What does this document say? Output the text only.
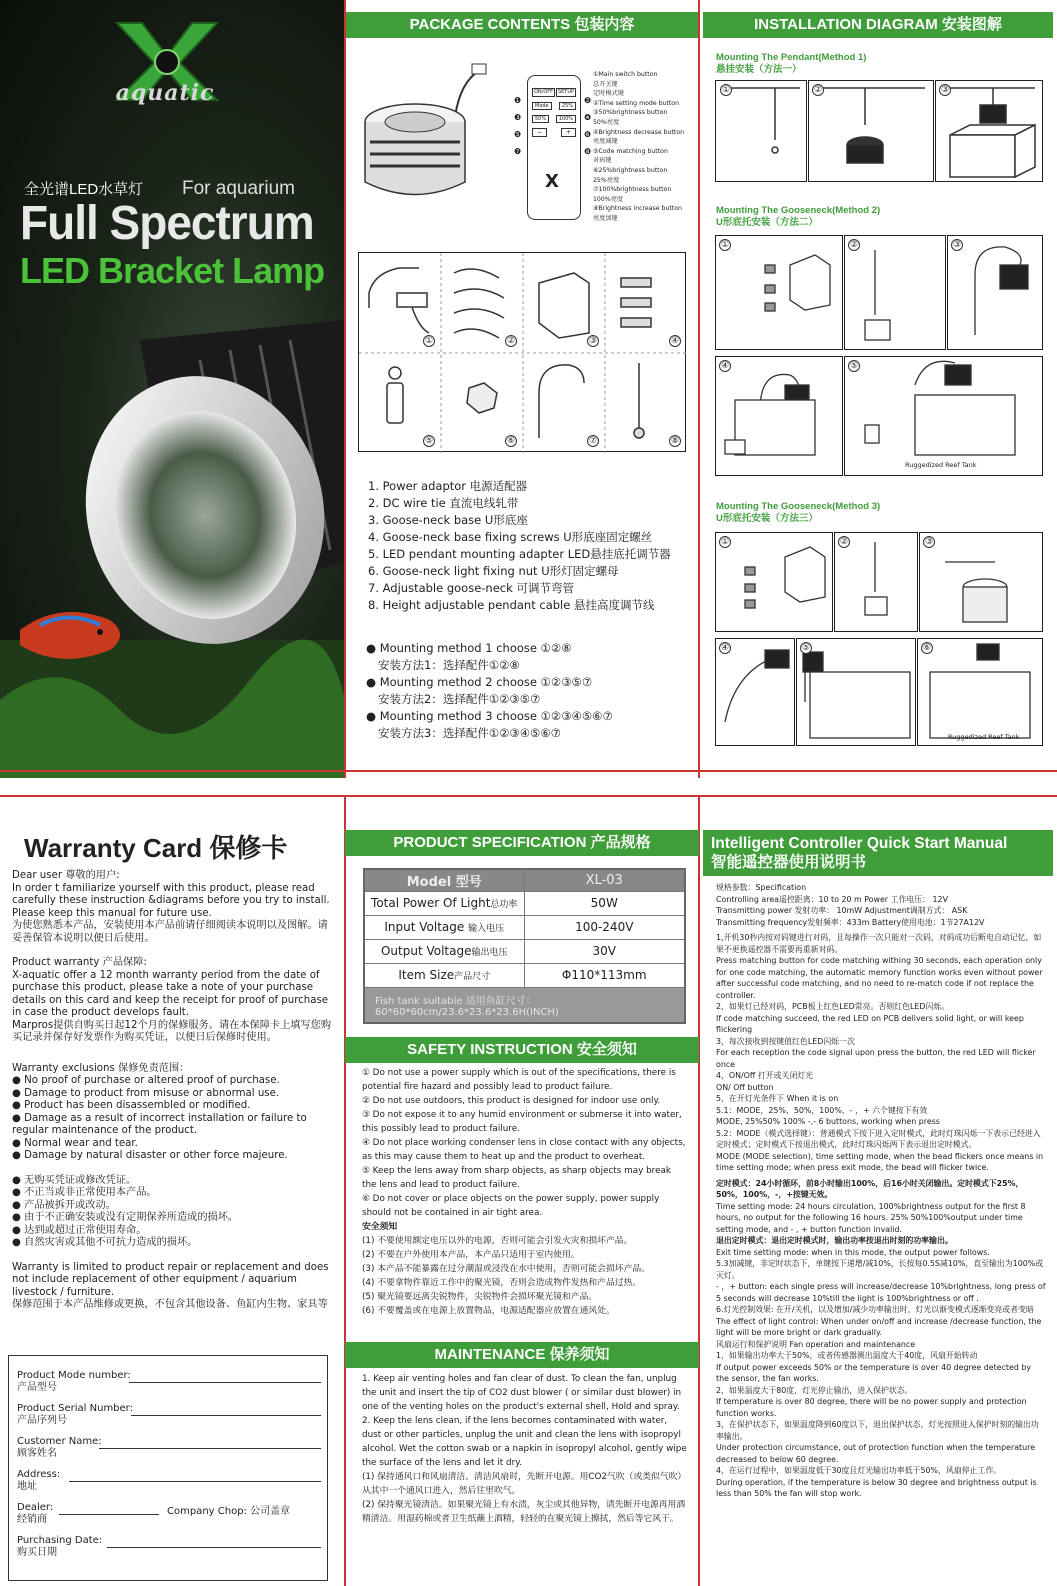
aquatic
全光谱LED水草灯 For aquarium
Full Spectrum
LED Bracket Lamp
PACKAGE CONTENTS 包装内容
ON/OFF SETUP
Mode	25%
50%	100%
−	+
X
❶
❸
❺
❼
❷
❹
❻
❽
①Main switch button
总开关键
定时模式键
②Time setting mode button
③50%brightness button
50%亮度
④Brightness decrease button
亮度减键
⑤Code matching button
对码键
⑥25%brightness button
25%亮度
⑦100%brightness button
100%亮度
⑧Brightness increase button
亮度加键
①	②	③	④
⑤	⑥	⑦	⑧
1. Power adaptor 电源适配器
2. DC wire tie 直流电线轧带
3. Goose-neck base U形底座
4. Goose-neck base fixing screws U形底座固定螺丝
5. LED pendant mounting adapter LED悬挂底托调节器
6. Goose-neck light fixing nut U形灯固定螺母
7. Adjustable goose-neck 可调节弯管
8. Height adjustable pendant cable 悬挂高度调节线
● Mounting method 1 choose ①②⑧
安装方法1：选择配件①②⑧
● Mounting method 2 choose ①②③⑤⑦
安装方法2：选择配件①②③⑤⑦
● Mounting method 3 choose ①②③④⑤⑥⑦
安装方法3：选择配件①②③④⑤⑥⑦
INSTALLATION DIAGRAM 安装图解
Mounting The Pendant(Method 1)
悬挂安装（方法一）
①	②	③
Mounting The Gooseneck(Method 2)
U形底托安装（方法二）
Ruggedized Reef Tank
①	②	③
④	⑤
Mounting The Gooseneck(Method 3)
U形底托安装（方法三）
Ruggedized Reef Tank
①	②	③
④	⑤	⑥
Warranty Card 保修卡

Dear user 尊敬的用户:

In order t familiarize yourself with this product, please read carefully these instruction &diagrams before you try to install. Please keep this manual for future use.

为使您熟悉本产品，安装使用本产品前请仔细阅读本说明以及图解。请妥善保管本说明以便日后使用。

Product warranty 产品保障:

X-aquatic offer a 12 month warranty period from the date of purchase this product, please take a note of your purchase details on this card and keep the receipt for proof of purchase in case the product develops fault.

Marpros提供自购买日起12个月的保修服务。请在本保障卡上填写您购买记录并保存好发票作为购买凭证，以便日后保修时使用。

Warranty exclusions 保修免责范围：

● No proof of purchase or altered proof of purchase.

● Damage to product from misuse or abnormal use.

● Product has been disassembled or modified.

● Damage as a result of incorrect installation or failure to regular maintenance of the product.

● Normal wear and tear.

● Damage by natural disaster or other force majeure.

● 无购买凭证或修改凭证。

● 不正当或非正常使用本产品。

● 产品被拆开或改动。

● 由于不正确安装或没有定期保养所造成的损坏。

● 达到或超过正常使用寿命。

● 自然灾害或其他不可抗力造成的损坏。

Warranty is limited to product repair or replacement and does not include replacement of other equipment / aquarium livestock / furniture.

保修范围于本产品维修或更换，不包含其他设备、鱼缸内生物、家具等

Product Mode number:
产品型号
Product Serial Number:
产品序列号
Customer Name:
顾客姓名
Address:
地址
Dealer:
经销商
Company Chop: 公司盖章
Purchasing Date:
购买日期
PRODUCT SPECIFICATION 产品规格
Model 型号	XL-03
Total Power Of Light总功率	50W
Input Voltage 输入电压	100-240V
Output Voltage输出电压	30V
Item Size产品尺寸	Φ110*113mm

Fish tank suitable 适用鱼缸尺寸：
60*60*60cm/23.6*23.6*23.6H(INCH)	
SAFETY INSTRUCTION 安全须知
① Do not use a power supply which is out of the specifications, there is potential fire hazard and possibly lead to product failure.
② Do not use outdoors, this product is designed for indoor use only.
③ Do not expose it to any humid environment or submerse it into water, this possibly lead to product failure.
④ Do not place working condenser lens in close contact with any objects, as this may cause them to heat up and the product to overheat.
⑤ Keep the lens away from sharp objects, as sharp objects may break the lens and lead to product failure.
⑥ Do not cover or place objects on the power supply, power supply should not be contained in air tight area.
安全须知
(1) 不要使用额定电压以外的电源，否则可能会引发火灾和损坏产品。
(2) 不要在户外使用本产品，本产品只适用于室内使用。
(3) 本产品不能暴露在过分潮湿或浸没在水中使用，否则可能会损坏产品。
(4) 不要拿物件靠近工作中的聚光镜，否则会造成物件发热和产品过热。
(5) 聚光镜要远离尖锐物件，尖锐物件会损坏聚光镜和产品。
(6) 不要覆盖或在电源上放置物品，电源适配器应放置在通风处。
MAINTENANCE 保养须知
1. Keep air venting holes and fan clear of dust. To clean the fan, unplug the unit and insert the tip of CO2 dust blower ( or similar dust blower) in one of the venting holes on the product's external shell, Hold and spray.
2. Keep the lens clean, if the lens becomes contaminated with water, dust or other particles, unplug the unit and clean the lens with isopropyl alcohol. Wet the cotton swab or a napkin in isopropyl alcohol, gently wipe the surface of the lens and let it dry.
(1) 保持通风口和风扇清洁。清洁风扇时，先断开电源。用CO2气吹（或类似气吹）从其中一个通风口进入，然后往里吹气。
(2) 保持聚光镜清洁。如果聚光镜上有水渍，灰尘或其他异物，请先断开电源再用酒精清洁。用湿药棉或者卫生纸蘸上酒精，轻轻的在聚光镜上擦拭，然后等它风干。
Intelligent Controller Quick Start Manual
智能遥控器使用说明书
规格参数：Specification
Controlling area遥控距离：10 to 20 m Power 工作电压： 12V
Transmitting power 发射功率： 10mW Adjustment调制方式： ASK
Transmitting frequency发射频率：433m Battery使用电池：1节27A12V
1,开机30秒内按对码键进行对码，且每操作一次只能对一次码，对码成功后断电自动记忆，如果不更换遥控器不需要再重新对码。
Press matching button for code matching withing 30 seconds, each operation only for one code matching, the automatic memory function works even without power after successful code matching, and no need to re-match code if not replace the controller.
2，如果灯已经对码，PCB板上红色LED常亮。否则红色LED闪烁。
If code matching succeed, the red LED on PCB delivers solid light, or will keep flickering
3，每次接收到按键值红色LED闪烁一次
For each reception the code signal upon press the button, the red LED will flicker once
4，ON/Off 打开或关闭灯光
ON/ Off button
5，在开灯光条件下 When it is on
5.1：MODE，25%，50%，100%，- ，+ 六个键按下有效
MODE, 25%50% 100% -,- 6 buttons, working when press
5.2：MODE（模式选择键）：普通模式下按下进入定时模式，此时灯珠闪烁一下表示已经进入定时模式；定时模式下按退出模式，此时灯珠闪烁两下表示退出定时模式。
MODE (MODE selection), time setting mode, when the bead flickers once means in time setting mode; when press exit mode, the bead will flicker twice.
定时模式：24小时循环，前8小时输出100%，后16小时关闭输出。定时模式下25%，50%，100%，-，+按键无效。
Time setting mode: 24 hours circulation, 100%brightness output for the first 8 hours, no output for the following 16 hours. 25% 50%100%output under time setting mode, and - , + button function invalid.
退出定时模式：退出定时模式时，输出功率按退出时刻的功率输出。
Exit time setting mode: when in this mode, the output power follows.
5.3加减键，非定时状态下，单键按下递增/减10%，长按每0.5S减10%，直至输出为100%或灭灯。
- ，+ button: each single press will increase/decrease 10%brightness, long press of 5 seconds will decrease 10%till the light is 100%brightness or off .
6.灯光控制效果: 在开/关机，以及增加/减少功率输出时，灯光以渐变模式逐渐变亮或者变暗
The effect of light control: When under on/off and increase /decrease function, the light will be more bright or dark gradually.
风扇运行和保护说明 Fan operation and maintenance
1，如果输出功率大于50%，或者传感器测出温度大于40度，风扇开始转动
If output power exceeds 50% or the temperature is over 40 degree detected by the sensor, the fan works.
2，如果温度大于80度，灯光停止输出，进入保护状态。
If temperature is over 80 degree, there will be no power supply and protection function works.
3，在保护状态下，如果温度降到60度以下，退出保护状态，灯光按照进入保护时刻的输出功率输出。
Under protection circumstance, out of protection function when the temperature decreased to below 60 degree.
4，在运行过程中，如果温度低于30度且灯光输出功率低于50%，风扇停止工作。
During operation, if the temperature is below 30 degree and brightness output is less than 50% the fan will stop work.
